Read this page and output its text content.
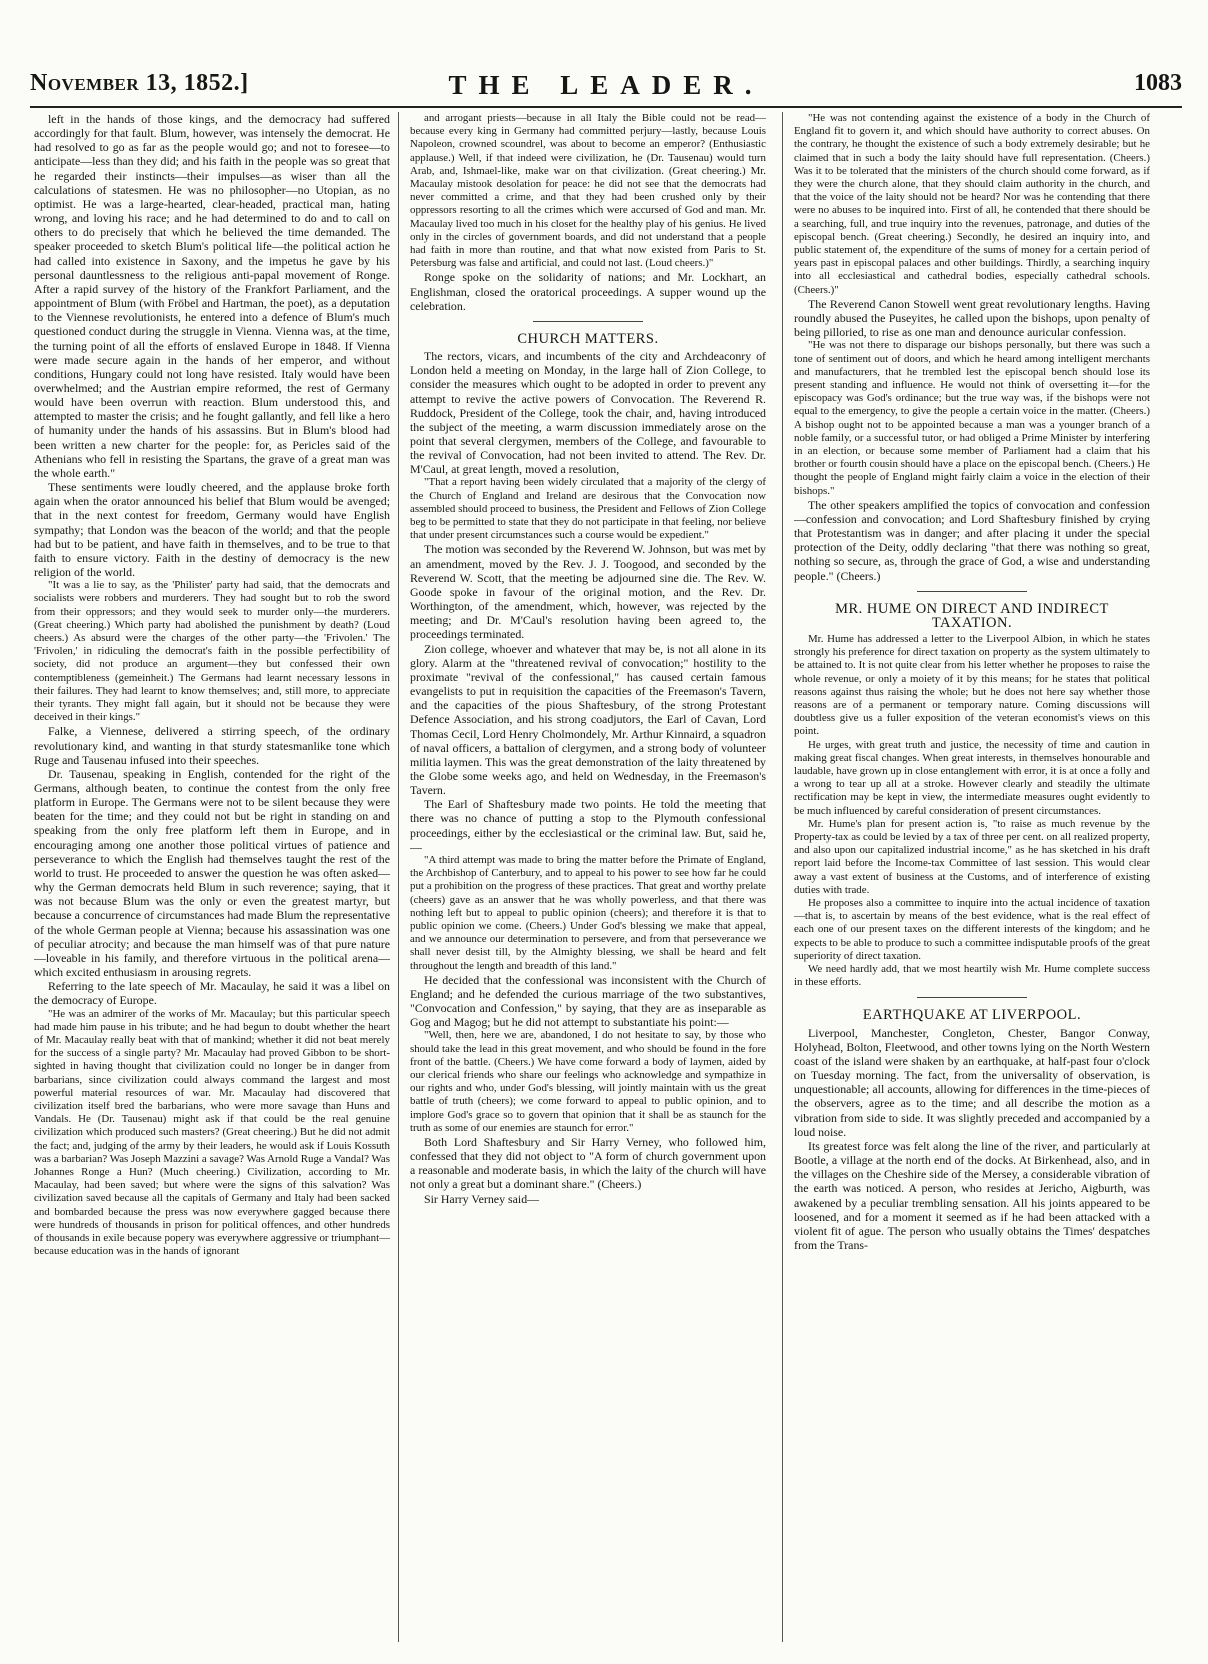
November 13, 1852.]	THE LEADER.	1083

left in the hands of those kings, and the democracy had suffered accordingly for that fault. Blum, however, was intensely the democrat. He had resolved to go as far as the people would go; and not to foresee—to anticipate—less than they did; and his faith in the people was so great that he regarded their instincts—their impulses—as wiser than all the calculations of statesmen. He was no philosopher—no Utopian, as no optimist. He was a large-hearted, clear-headed, practical man, hating wrong, and loving his race; and he had determined to do and to call on others to do precisely that which he believed the time demanded. The speaker proceeded to sketch Blum's political life—the political action he had called into existence in Saxony, and the impetus he gave by his personal dauntlessness to the religious anti-papal movement of Ronge. After a rapid survey of the history of the Frankfort Parliament, and the appointment of Blum (with Fröbel and Hartman, the poet), as a deputation to the Viennese revolutionists, he entered into a defence of Blum's much questioned conduct during the struggle in Vienna. Vienna was, at the time, the turning point of all the efforts of enslaved Europe in 1848. If Vienna were made secure again in the hands of her emperor, and without conditions, Hungary could not long have resisted. Italy would have been overwhelmed; and the Austrian empire reformed, the rest of Germany would have been overrun with reaction. Blum understood this, and attempted to master the crisis; and he fought gallantly, and fell like a hero of humanity under the hands of his assassins. But in Blum's blood had been written a new charter for the people: for, as Pericles said of the Athenians who fell in resisting the Spartans, the grave of a great man was the whole earth."

These sentiments were loudly cheered, and the applause broke forth again when the orator announced his belief that Blum would be avenged; that in the next contest for freedom, Germany would have English sympathy; that London was the beacon of the world; and that the people had but to be patient, and have faith in themselves, and to be true to that faith to ensure victory. Faith in the destiny of democracy is the new religion of the world.

"It was a lie to say, as the 'Philister' party had said, that the democrats and socialists were robbers and murderers. They had sought but to rob the sword from their oppressors; and they would seek to murder only—the murderers. (Great cheering.) Which party had abolished the punishment by death? (Loud cheers.) As absurd were the charges of the other party—the 'Frivolen.' The 'Frivolen,' in ridiculing the democrat's faith in the possible perfectibility of society, did not produce an argument—they but confessed their own contemptibleness (gemeinheit.) The Germans had learnt necessary lessons in their failures. They had learnt to know themselves; and, still more, to appreciate their tyrants. They might fall again, but it should not be because they were deceived in their kings."

Falke, a Viennese, delivered a stirring speech, of the ordinary revolutionary kind, and wanting in that sturdy statesmanlike tone which Ruge and Tausenau infused into their speeches.

Dr. Tausenau, speaking in English, contended for the right of the Germans, although beaten, to continue the contest from the only free platform in Europe. The Germans were not to be silent because they were beaten for the time; and they could not but be right in standing on and speaking from the only free platform left them in Europe, and in encouraging among one another those political virtues of patience and perseverance to which the English had themselves taught the rest of the world to trust. He proceeded to answer the question he was often asked—why the German democrats held Blum in such reverence; saying, that it was not because Blum was the only or even the greatest martyr, but because a concurrence of circumstances had made Blum the representative of the whole German people at Vienna; because his assassination was one of peculiar atrocity; and because the man himself was of that pure nature—loveable in his family, and therefore virtuous in the political arena—which excited enthusiasm in arousing regrets.

Referring to the late speech of Mr. Macaulay, he said it was a libel on the democracy of Europe.

"He was an admirer of the works of Mr. Macaulay; but this particular speech had made him pause in his tribute; and he had begun to doubt whether the heart of Mr. Macaulay really beat with that of mankind; whether it did not beat merely for the success of a single party? Mr. Macaulay had proved Gibbon to be short-sighted in having thought that civilization could no longer be in danger from barbarians, since civilization could always command the largest and most powerful material resources of war. Mr. Macaulay had discovered that civilization itself bred the barbarians, who were more savage than Huns and Vandals. He (Dr. Tausenau) might ask if that could be the real genuine civilization which produced such masters? (Great cheering.) But he did not admit the fact; and, judging of the army by their leaders, he would ask if Louis Kossuth was a barbarian? Was Joseph Mazzini a savage? Was Arnold Ruge a Vandal? Was Johannes Ronge a Hun? (Much cheering.) Civilization, according to Mr. Macaulay, had been saved; but where were the signs of this salvation? Was civilization saved because all the capitals of Germany and Italy had been sacked and bombarded because the press was now everywhere gagged because there were hundreds of thousands in prison for political offences, and other hundreds of thousands in exile because popery was everywhere aggressive or triumphant—because education was in the hands of ignorant

and arrogant priests—because in all Italy the Bible could not be read—because every king in Germany had committed perjury—lastly, because Louis Napoleon, crowned scoundrel, was about to become an emperor? (Enthusiastic applause.) Well, if that indeed were civilization, he (Dr. Tausenau) would turn Arab, and, Ishmael-like, make war on that civilization. (Great cheering.) Mr. Macaulay mistook desolation for peace: he did not see that the democrats had never committed a crime, and that they had been crushed only by their oppressors resorting to all the crimes which were accursed of God and man. Mr. Macaulay lived too much in his closet for the healthy play of his genius. He lived only in the circles of government boards, and did not understand that a people had faith in more than routine, and that what now existed from Paris to St. Petersburg was false and artificial, and could not last. (Loud cheers.)"

Ronge spoke on the solidarity of nations; and Mr. Lockhart, an Englishman, closed the oratorical proceedings. A supper wound up the celebration.

CHURCH MATTERS.

The rectors, vicars, and incumbents of the city and Archdeaconry of London held a meeting on Monday, in the large hall of Zion College, to consider the measures which ought to be adopted in order to prevent any attempt to revive the active powers of Convocation. The Reverend R. Ruddock, President of the College, took the chair, and, having introduced the subject of the meeting, a warm discussion immediately arose on the point that several clergymen, members of the College, and favourable to the revival of Convocation, had not been invited to attend. The Rev. Dr. M'Caul, at great length, moved a resolution,

"That a report having been widely circulated that a majority of the clergy of the Church of England and Ireland are desirous that the Convocation now assembled should proceed to business, the President and Fellows of Zion College beg to be permitted to state that they do not participate in that feeling, nor believe that under present circumstances such a course would be expedient."

The motion was seconded by the Reverend W. Johnson, but was met by an amendment, moved by the Rev. J. J. Toogood, and seconded by the Reverend W. Scott, that the meeting be adjourned sine die. The Rev. W. Goode spoke in favour of the original motion, and the Rev. Dr. Worthington, of the amendment, which, however, was rejected by the meeting; and Dr. M'Caul's resolution having been agreed to, the proceedings terminated.

Zion college, whoever and whatever that may be, is not all alone in its glory. Alarm at the "threatened revival of convocation;" hostility to the proximate "revival of the confessional," has caused certain famous evangelists to put in requisition the capacities of the Freemason's Tavern, and the capacities of the pious Shaftesbury, of the strong Protestant Defence Association, and his strong coadjutors, the Earl of Cavan, Lord Thomas Cecil, Lord Henry Cholmondely, Mr. Arthur Kinnaird, a squadron of naval officers, a battalion of clergymen, and a strong body of volunteer militia laymen. This was the great demonstration of the laity threatened by the Globe some weeks ago, and held on Wednesday, in the Freemason's Tavern.

The Earl of Shaftesbury made two points. He told the meeting that there was no chance of putting a stop to the Plymouth confessional proceedings, either by the ecclesiastical or the criminal law. But, said he,—

"A third attempt was made to bring the matter before the Primate of England, the Archbishop of Canterbury, and to appeal to his power to see how far he could put a prohibition on the progress of these practices. That great and worthy prelate (cheers) gave as an answer that he was wholly powerless, and that there was nothing left but to appeal to public opinion (cheers); and therefore it is that to public opinion we come. (Cheers.) Under God's blessing we make that appeal, and we announce our determination to persevere, and from that perseverance we shall never desist till, by the Almighty blessing, we shall be heard and felt throughout the length and breadth of this land."

He decided that the confessional was inconsistent with the Church of England; and he defended the curious marriage of the two substantives, "Convocation and Confession," by saying, that they are as inseparable as Gog and Magog; but he did not attempt to substantiate his point:—

"Well, then, here we are, abandoned, I do not hesitate to say, by those who should take the lead in this great movement, and who should be found in the fore front of the battle. (Cheers.) We have come forward a body of laymen, aided by our clerical friends who share our feelings who acknowledge and sympathize in our rights and who, under God's blessing, will jointly maintain with us the great battle of truth (cheers); we come forward to appeal to public opinion, and to implore God's grace so to govern that opinion that it shall be as staunch for the truth as some of our enemies are staunch for error."

Both Lord Shaftesbury and Sir Harry Verney, who followed him, confessed that they did not object to "A form of church government upon a reasonable and moderate basis, in which the laity of the church will have not only a great but a dominant share." (Cheers.)

Sir Harry Verney said—

"He was not contending against the existence of a body in the Church of England fit to govern it, and which should have authority to correct abuses. On the contrary, he thought the existence of such a body extremely desirable; but he claimed that in such a body the laity should have full representation. (Cheers.) Was it to be tolerated that the ministers of the church should come forward, as if they were the church alone, that they should claim authority in the church, and that the voice of the laity should not be heard? Nor was he contending that there were no abuses to be inquired into. First of all, he contended that there should be a searching, full, and true inquiry into the revenues, patronage, and duties of the episcopal bench. (Great cheering.) Secondly, he desired an inquiry into, and public statement of, the expenditure of the sums of money for a certain period of years past in episcopal palaces and other buildings. Thirdly, a searching inquiry into all ecclesiastical and cathedral bodies, especially cathedral schools. (Cheers.)"

The Reverend Canon Stowell went great revolutionary lengths. Having roundly abused the Puseyites, he called upon the bishops, upon penalty of being pilloried, to rise as one man and denounce auricular confession.

"He was not there to disparage our bishops personally, but there was such a tone of sentiment out of doors, and which he heard among intelligent merchants and manufacturers, that he trembled lest the episcopal bench should lose its present standing and influence. He would not think of oversetting it—for the episcopacy was God's ordinance; but the true way was, if the bishops were not equal to the emergency, to give the people a certain voice in the matter. (Cheers.) A bishop ought not to be appointed because a man was a younger branch of a noble family, or a successful tutor, or had obliged a Prime Minister by interfering in an election, or because some member of Parliament had a claim that his brother or fourth cousin should have a place on the episcopal bench. (Cheers.) He thought the people of England might fairly claim a voice in the election of their bishops."

The other speakers amplified the topics of convocation and confession—confession and convocation; and Lord Shaftesbury finished by crying that Protestantism was in danger; and after placing it under the special protection of the Deity, oddly declaring "that there was nothing so great, nothing so secure, as, through the grace of God, a wise and understanding people." (Cheers.)

MR. HUME ON DIRECT AND INDIRECT TAXATION.

Mr. Hume has addressed a letter to the Liverpool Albion, in which he states strongly his preference for direct taxation on property as the system ultimately to be attained to. It is not quite clear from his letter whether he proposes to raise the whole revenue, or only a moiety of it by this means; for he states that political reasons against thus raising the whole; but he does not here say whether those reasons are of a permanent or temporary nature. Coming discussions will doubtless give us a fuller exposition of the veteran economist's views on this point.

He urges, with great truth and justice, the necessity of time and caution in making great fiscal changes. When great interests, in themselves honourable and laudable, have grown up in close entanglement with error, it is at once a folly and a wrong to tear up all at a stroke. However clearly and steadily the ultimate rectification may be kept in view, the intermediate measures ought evidently to be much influenced by careful consideration of present circumstances.

Mr. Hume's plan for present action is, "to raise as much revenue by the Property-tax as could be levied by a tax of three per cent. on all realized property, and also upon our capitalized industrial income," as he has sketched in his draft report laid before the Income-tax Committee of last session. This would clear away a vast extent of business at the Customs, and of interference of existing duties with trade.

He proposes also a committee to inquire into the actual incidence of taxation—that is, to ascertain by means of the best evidence, what is the real effect of each one of our present taxes on the different interests of the kingdom; and he expects to be able to produce to such a committee indisputable proofs of the great superiority of direct taxation.

We need hardly add, that we most heartily wish Mr. Hume complete success in these efforts.

EARTHQUAKE AT LIVERPOOL.

Liverpool, Manchester, Congleton, Chester, Bangor Conway, Holyhead, Bolton, Fleetwood, and other towns lying on the North Western coast of the island were shaken by an earthquake, at half-past four o'clock on Tuesday morning. The fact, from the universality of observation, is unquestionable; all accounts, allowing for differences in the time-pieces of the observers, agree as to the time; and all describe the motion as a vibration from side to side. It was slightly preceded and accompanied by a loud noise.

Its greatest force was felt along the line of the river, and particularly at Bootle, a village at the north end of the docks. At Birkenhead, also, and in the villages on the Cheshire side of the Mersey, a considerable vibration of the earth was noticed. A person, who resides at Jericho, Aigburth, was awakened by a peculiar trembling sensation. All his joints appeared to be loosened, and for a moment it seemed as if he had been attacked with a violent fit of ague. The person who usually obtains the Times' despatches from the Trans-
